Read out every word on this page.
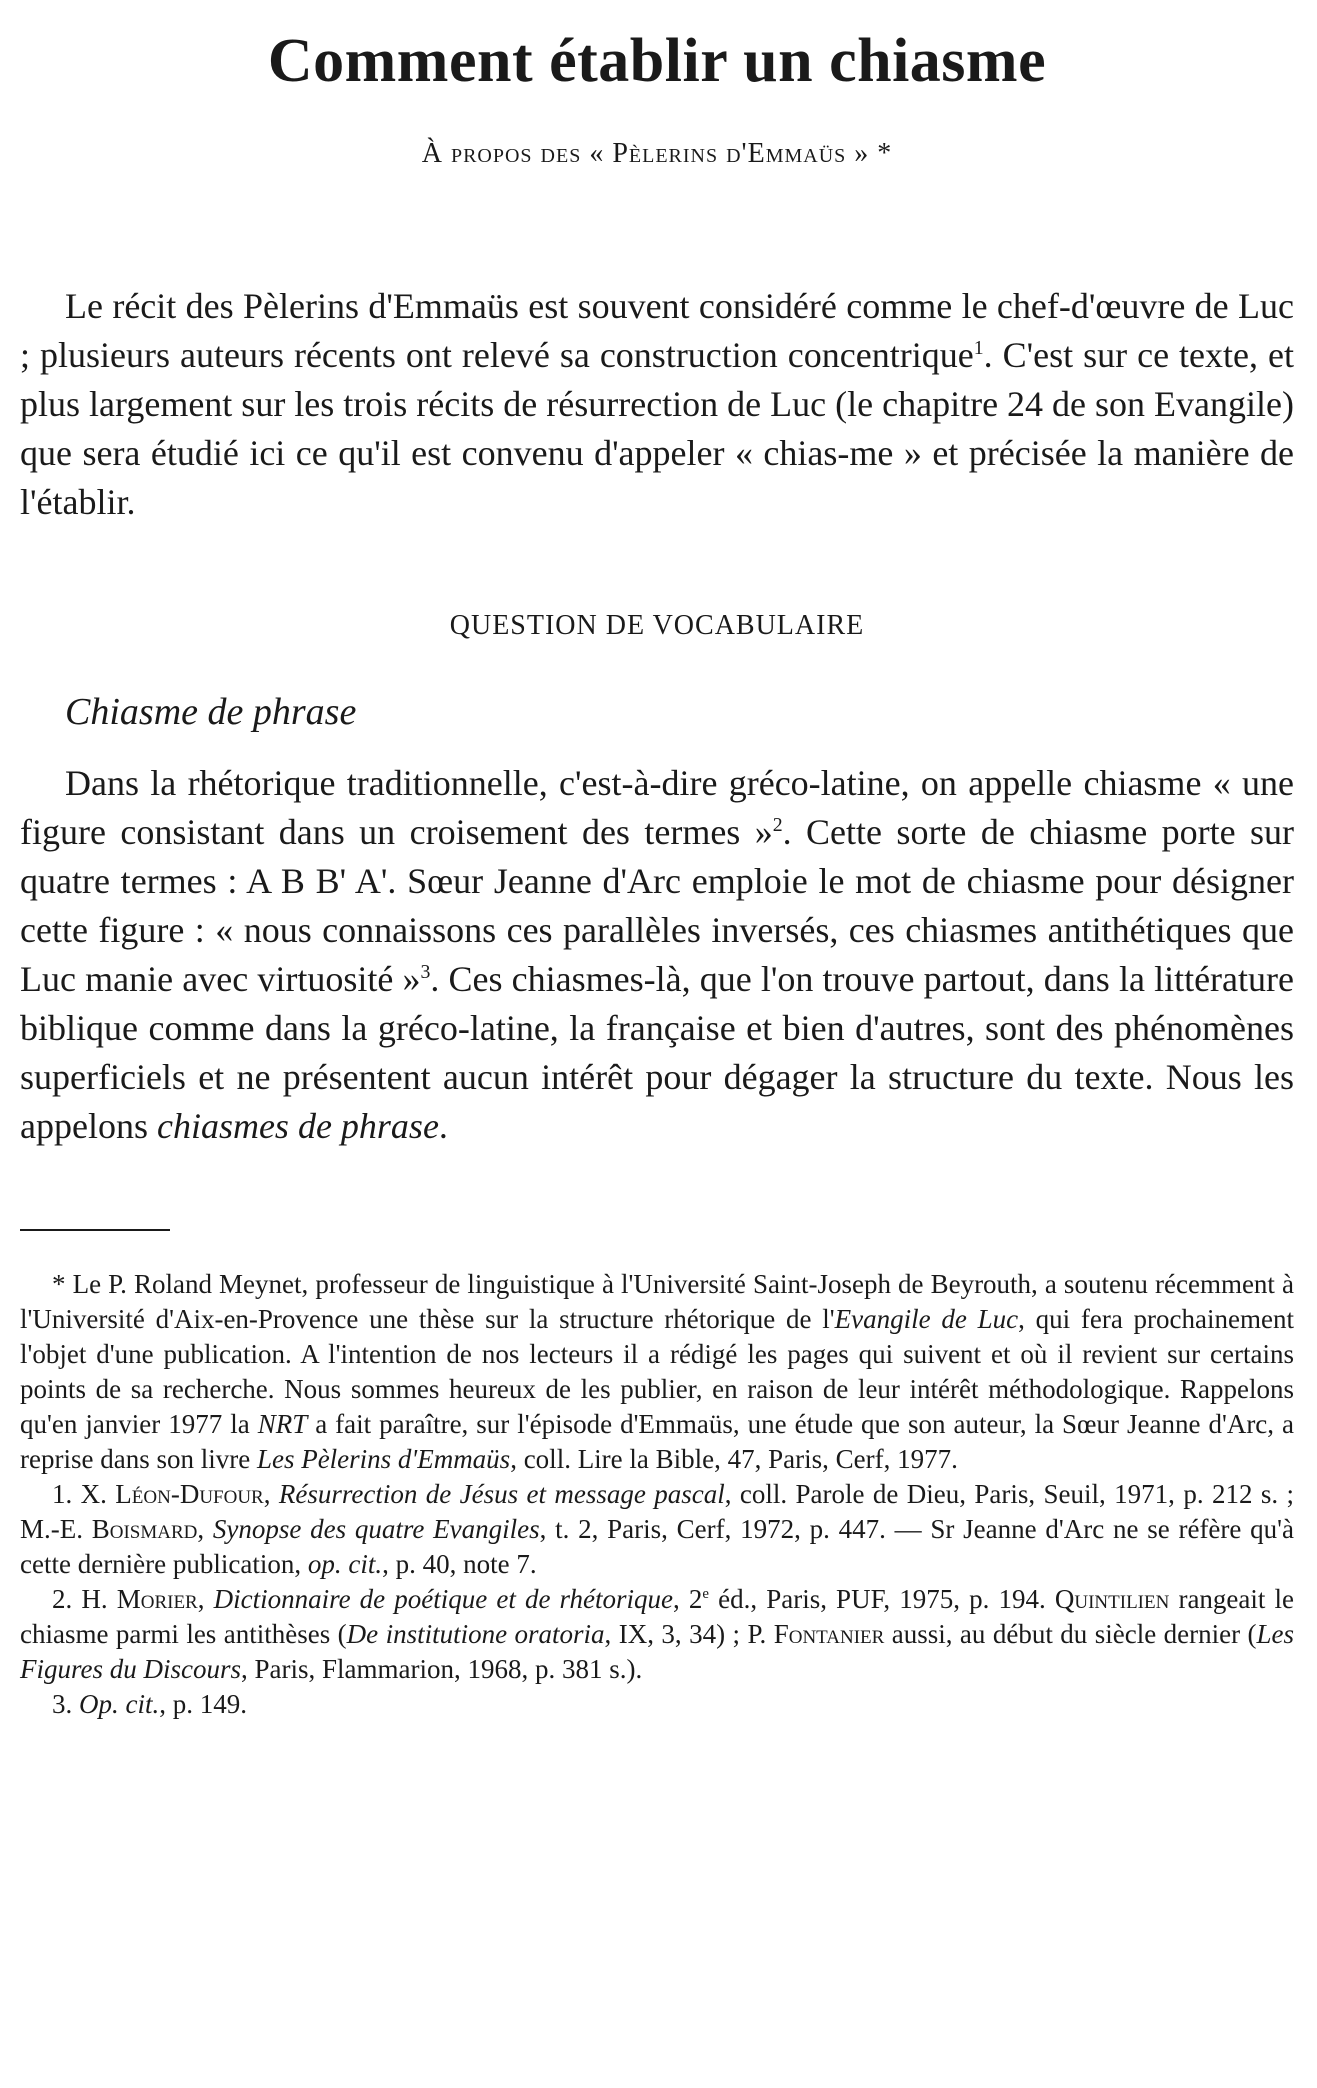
Comment établir un chiasme
À propos des « Pèlerins d'Emmaüs » *

Le récit des Pèlerins d'Emmaüs est souvent considéré comme le chef-d'œuvre de Luc ; plusieurs auteurs récents ont relevé sa construction concentrique$^1$. C'est sur ce texte, et plus largement sur les trois récits de résurrection de Luc (le chapitre 24 de son Evangile) que sera étudié ici ce qu'il est convenu d'appeler « chias-me » et précisée la manière de l'établir.

QUESTION DE VOCABULAIRE
Chiasme de phrase

Dans la rhétorique traditionnelle, c'est-à-dire gréco-latine, on appelle chiasme « une figure consistant dans un croisement des termes »$^2$. Cette sorte de chiasme porte sur quatre termes : A B B' A'. Sœur Jeanne d'Arc emploie le mot de chiasme pour désigner cette figure : « nous connaissons ces parallèles inversés, ces chiasmes antithétiques que Luc manie avec virtuosité »$^3$. Ces chiasmes-là, que l'on trouve partout, dans la littérature biblique comme dans la gréco-latine, la française et bien d'autres, sont des phénomènes superficiels et ne présentent aucun intérêt pour dégager la structure du texte. Nous les appelons chiasmes de phrase.

* Le P. Roland Meynet, professeur de linguistique à l'Université Saint-Joseph de Beyrouth, a soutenu récemment à l'Université d'Aix-en-Provence une thèse sur la structure rhétorique de l'Evangile de Luc, qui fera prochainement l'objet d'une publication. A l'intention de nos lecteurs il a rédigé les pages qui suivent et où il revient sur certains points de sa recherche. Nous sommes heureux de les publier, en raison de leur intérêt méthodologique. Rappelons qu'en janvier 1977 la NRT a fait paraître, sur l'épisode d'Emmaüs, une étude que son auteur, la Sœur Jeanne d'Arc, a reprise dans son livre Les Pèlerins d'Emmaüs, coll. Lire la Bible, 47, Paris, Cerf, 1977.

1. X. Léon-Dufour, Résurrection de Jésus et message pascal, coll. Parole de Dieu, Paris, Seuil, 1971, p. 212 s. ; M.-E. Boismard, Synopse des quatre Evangiles, t. 2, Paris, Cerf, 1972, p. 447. — Sr Jeanne d'Arc ne se réfère qu'à cette dernière publication, op. cit., p. 40, note 7.

2. H. Morier, Dictionnaire de poétique et de rhétorique, 2e éd., Paris, PUF, 1975, p. 194. Quintilien rangeait le chiasme parmi les antithèses (De institutione oratoria, IX, 3, 34) ; P. Fontanier aussi, au début du siècle dernier (Les Figures du Discours, Paris, Flammarion, 1968, p. 381 s.).

3. Op. cit., p. 149.
